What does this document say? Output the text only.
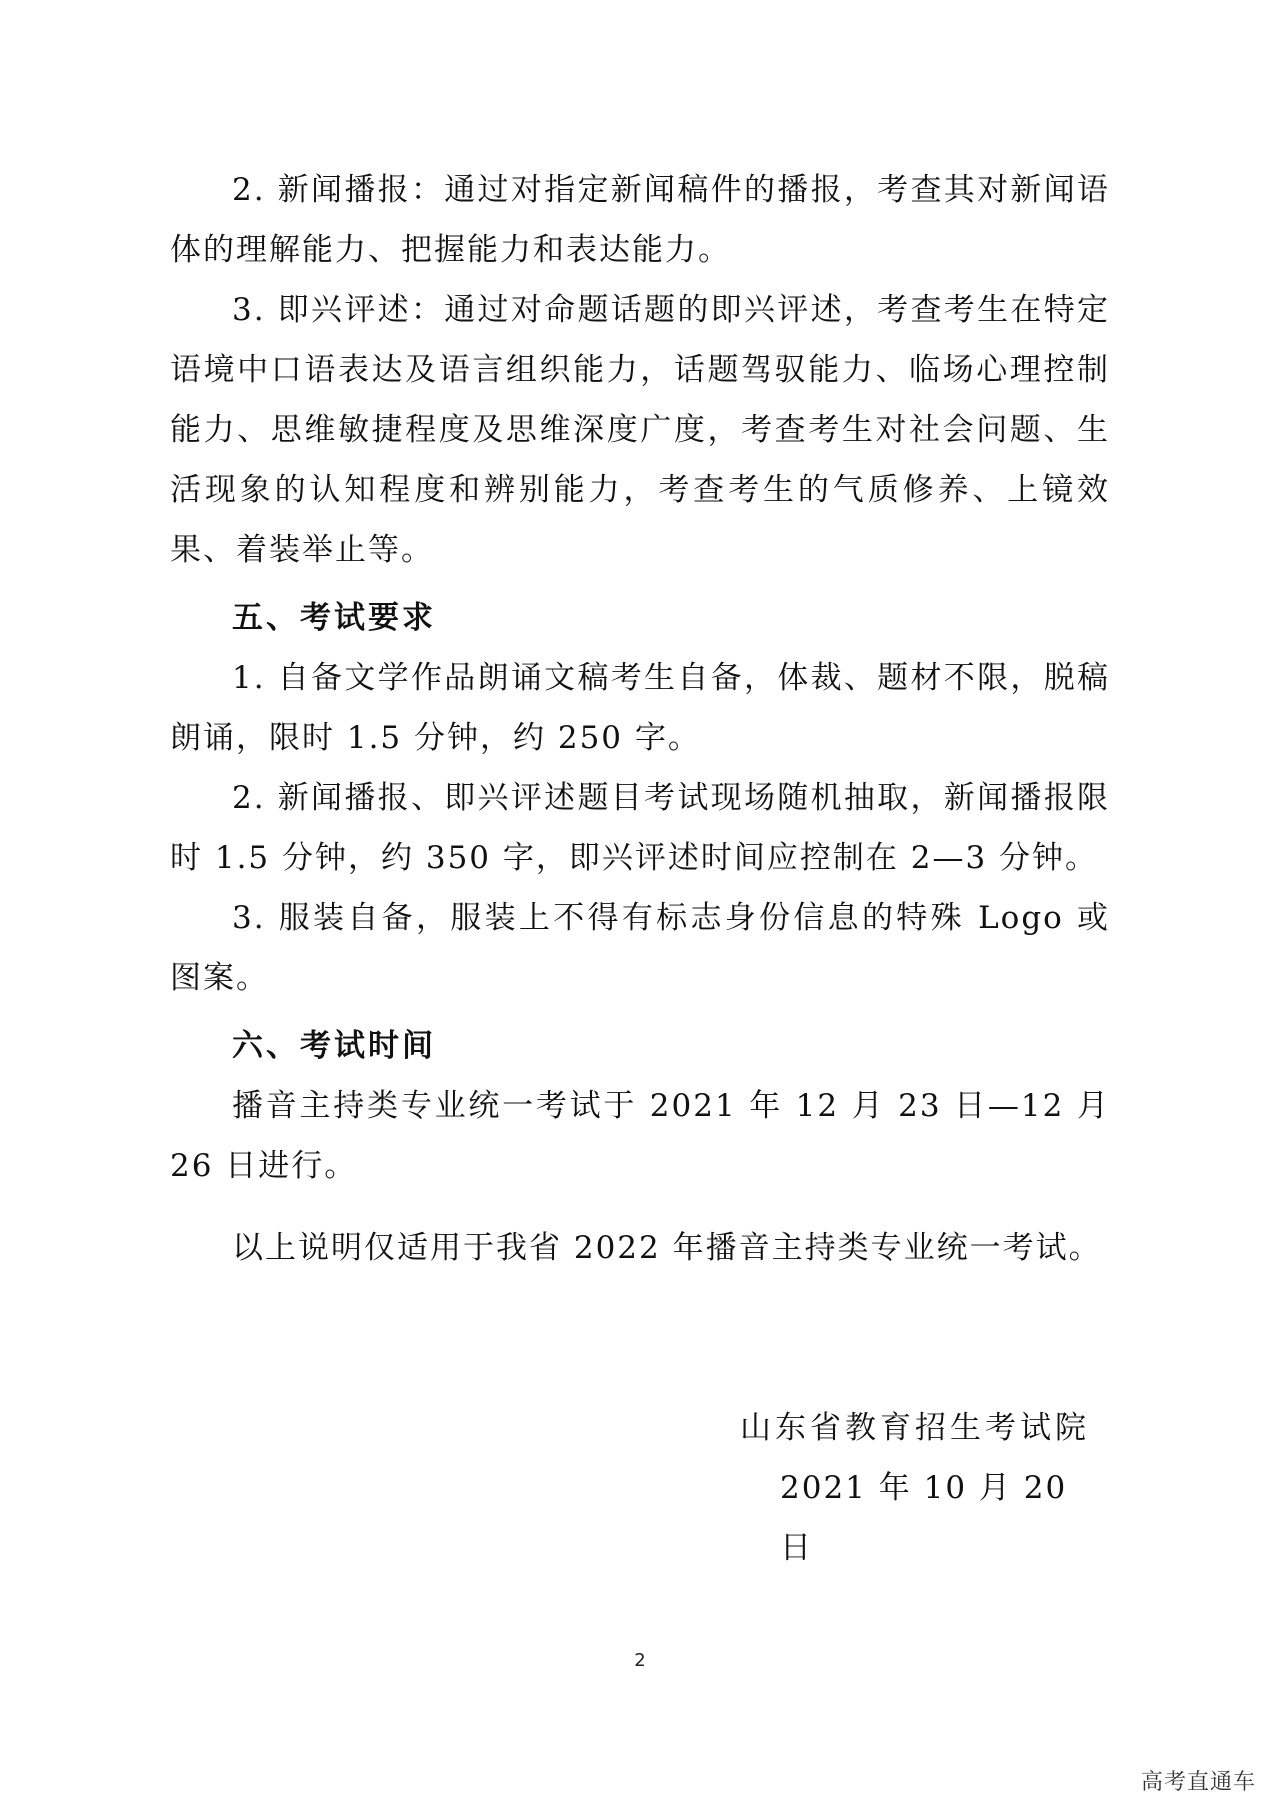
2. 新闻播报：通过对指定新闻稿件的播报，考查其对新闻语体的理解能力、把握能力和表达能力。

3. 即兴评述：通过对命题话题的即兴评述，考查考生在特定语境中口语表达及语言组织能力，话题驾驭能力、临场心理控制能力、思维敏捷程度及思维深度广度，考查考生对社会问题、生活现象的认知程度和辨别能力，考查考生的气质修养、上镜效果、着装举止等。

五、考试要求

1. 自备文学作品朗诵文稿考生自备，体裁、题材不限，脱稿朗诵，限时 1.5 分钟，约 250 字。

2. 新闻播报、即兴评述题目考试现场随机抽取，新闻播报限时 1.5 分钟，约 350 字，即兴评述时间应控制在 2—3 分钟。

3. 服装自备，服装上不得有标志身份信息的特殊 Logo 或图案。

六、考试时间

播音主持类专业统一考试于 2021 年 12 月 23 日—12 月 26 日进行。

以上说明仅适用于我省 2022 年播音主持类专业统一考试。

山东省教育招生考试院
2021 年 10 月 20 日
2
高考直通车
